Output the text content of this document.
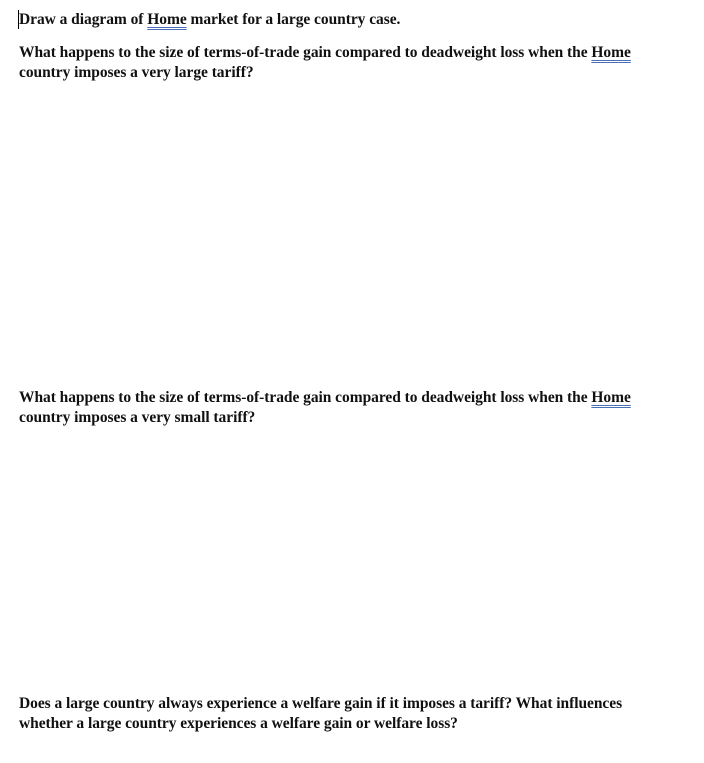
Draw a diagram of Home market for a large country case.

What happens to the size of terms-of-trade gain compared to deadweight loss when the Home
country imposes a very large tariff?

What happens to the size of terms-of-trade gain compared to deadweight loss when the Home
country imposes a very small tariff?

Does a large country always experience a welfare gain if it imposes a tariff? What influences
whether a large country experiences a welfare gain or welfare loss?
